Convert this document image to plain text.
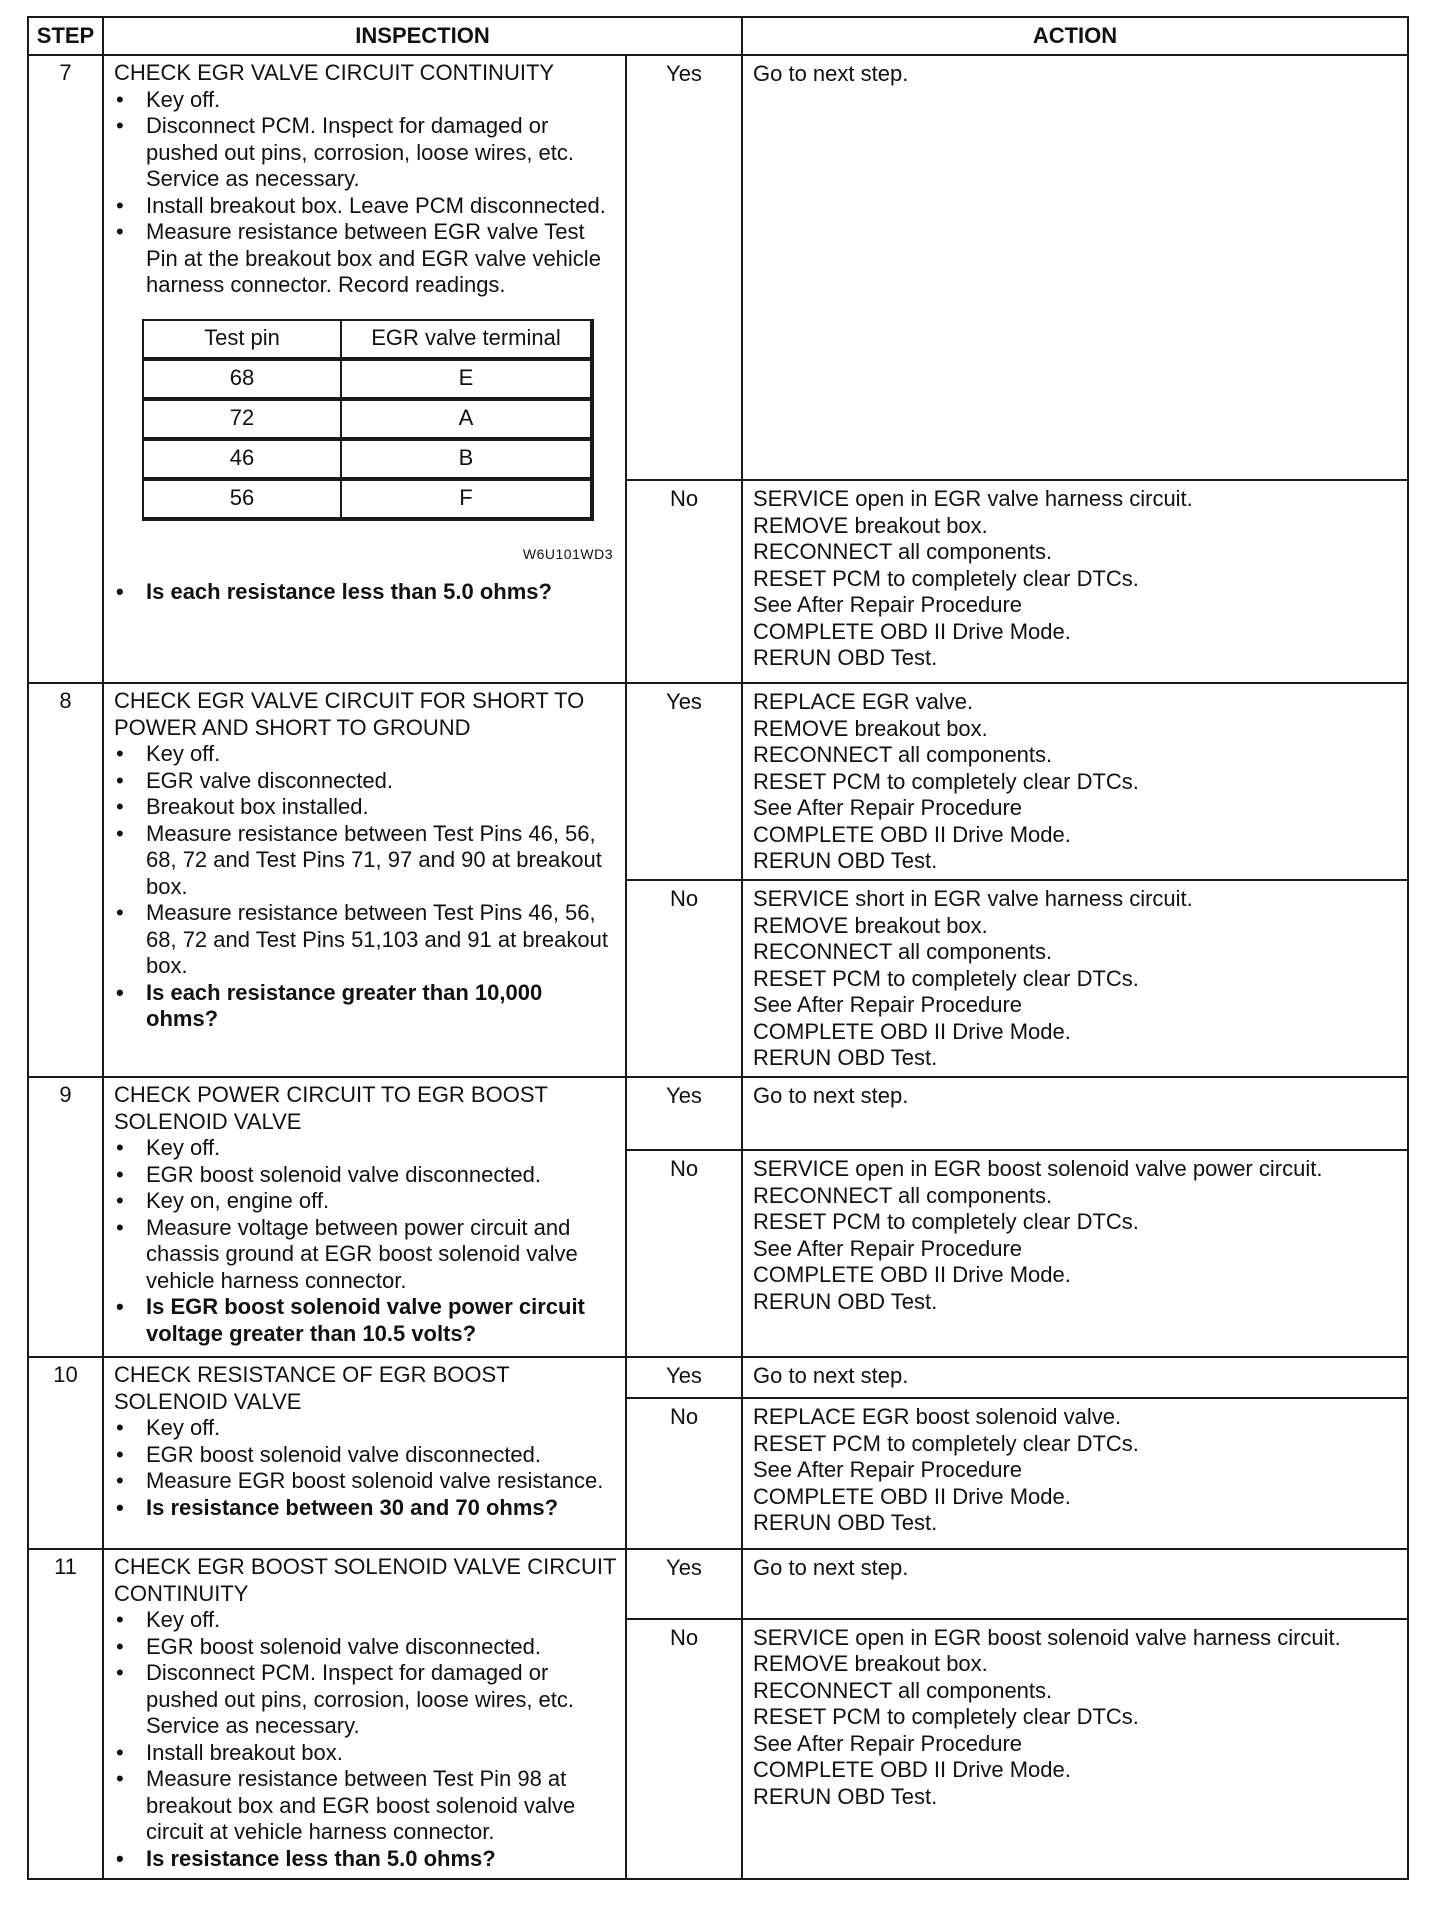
STEP	INSPECTION	ACTION
7	CHECK EGR VALVE CIRCUIT CONTINUITY
• Key off.
• Disconnect PCM. Inspect for damaged or pushed out pins, corrosion, loose wires, etc. Service as necessary.
• Install breakout box. Leave PCM disconnected.
• Measure resistance between EGR valve Test Pin at the breakout box and EGR valve vehicle harness connector. Record readings.
Test pin	EGR valve terminal
68	E
72	A
46	B
56	F
W6U101WD3
• Is each resistance less than 5.0 ohms?
	Yes	Go to next step.

No	SERVICE open in EGR valve harness circuit.
REMOVE breakout box.
RECONNECT all components.
RESET PCM to completely clear DTCs.
See After Repair Procedure
COMPLETE OBD II Drive Mode.
RERUN OBD Test.

8	CHECK EGR VALVE CIRCUIT FOR SHORT TO POWER AND SHORT TO GROUND
• Key off.
• EGR valve disconnected.
• Breakout box installed.
• Measure resistance between Test Pins 46, 56, 68, 72 and Test Pins 71, 97 and 90 at breakout box.
• Measure resistance between Test Pins 46, 56, 68, 72 and Test Pins 51,103 and 91 at breakout box.
• Is each resistance greater than 10,000 ohms?
	Yes	REPLACE EGR valve.
REMOVE breakout box.
RECONNECT all components.
RESET PCM to completely clear DTCs.
See After Repair Procedure
COMPLETE OBD II Drive Mode.
RERUN OBD Test.

No	SERVICE short in EGR valve harness circuit.
REMOVE breakout box.
RECONNECT all components.
RESET PCM to completely clear DTCs.
See After Repair Procedure
COMPLETE OBD II Drive Mode.
RERUN OBD Test.

9	CHECK POWER CIRCUIT TO EGR BOOST SOLENOID VALVE
• Key off.
• EGR boost solenoid valve disconnected.
• Key on, engine off.
• Measure voltage between power circuit and chassis ground at EGR boost solenoid valve vehicle harness connector.
• Is EGR boost solenoid valve power circuit voltage greater than 10.5 volts?
	Yes	Go to next step.

No	SERVICE open in EGR boost solenoid valve power circuit.
RECONNECT all components.
RESET PCM to completely clear DTCs.
See After Repair Procedure
COMPLETE OBD II Drive Mode.
RERUN OBD Test.

10	CHECK RESISTANCE OF EGR BOOST SOLENOID VALVE
• Key off.
• EGR boost solenoid valve disconnected.
• Measure EGR boost solenoid valve resistance.
• Is resistance between 30 and 70 ohms?
	Yes	Go to next step.

No	REPLACE EGR boost solenoid valve.
RESET PCM to completely clear DTCs.
See After Repair Procedure
COMPLETE OBD II Drive Mode.
RERUN OBD Test.

11	CHECK EGR BOOST SOLENOID VALVE CIRCUIT CONTINUITY
• Key off.
• EGR boost solenoid valve disconnected.
• Disconnect PCM. Inspect for damaged or pushed out pins, corrosion, loose wires, etc. Service as necessary.
• Install breakout box.
• Measure resistance between Test Pin 98 at breakout box and EGR boost solenoid valve circuit at vehicle harness connector.
• Is resistance less than 5.0 ohms?
	Yes	Go to next step.

No	SERVICE open in EGR boost solenoid valve harness circuit.
REMOVE breakout box.
RECONNECT all components.
RESET PCM to completely clear DTCs.
See After Repair Procedure
COMPLETE OBD II Drive Mode.
RERUN OBD Test.
